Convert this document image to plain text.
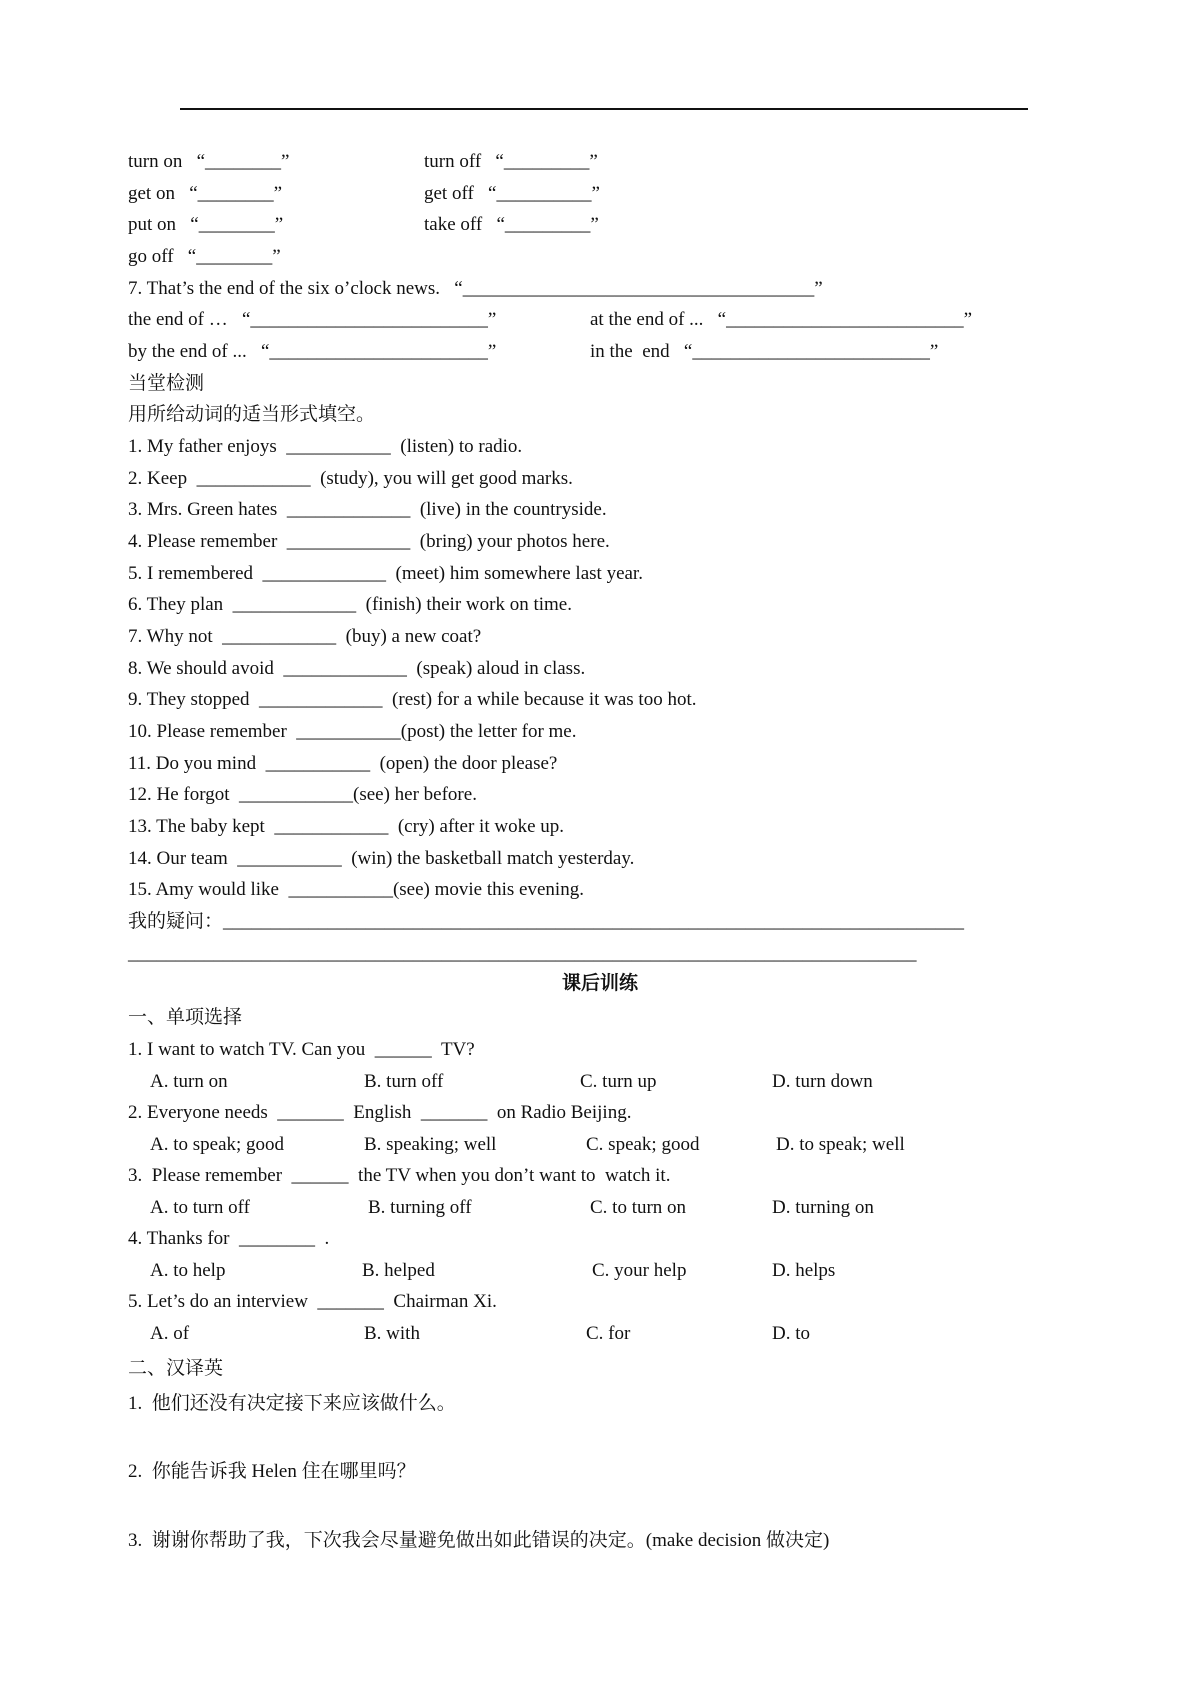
turn on   “________”	turn off   “_________”
get on   “________”	get off   “__________”
put on   “________”	take off   “_________”
go off   “________”
7. That’s the end of the six o’clock news.   “_____________________________________”
the end of …   “_________________________”	at the end of ...   “_________________________”
by the end of ...   “_______________________”	in the  end   “_________________________”
当堂检测
用所给动词的适当形式填空。
1. My father enjoys  ___________  (listen) to radio.
2. Keep  ____________  (study), you will get good marks.
3. Mrs. Green hates  _____________  (live) in the countryside.
4. Please remember  _____________  (bring) your photos here.
5. I remembered  _____________  (meet) him somewhere last year.
6. They plan  _____________  (finish) their work on time.
7. Why not  ____________  (buy) a new coat?
8. We should avoid  _____________  (speak) aloud in class.
9. They stopped  _____________  (rest) for a while because it was too hot.
10. Please remember  ___________(post) the letter for me.
11. Do you mind  ___________  (open) the door please?
12. He forgot  ____________(see) her before.
13. The baby kept  ____________  (cry) after it woke up.
14. Our team  ___________  (win) the basketball match yesterday.
15. Amy would like  ___________(see) movie this evening.
我的疑问：______________________________________________________________________________
___________________________________________________________________________________
课后训练
一、单项选择
1. I want to watch TV. Can you  ______  TV?
A. turn on	B. turn off	C. turn up	D. turn down
2. Everyone needs  _______  English  _______  on Radio Beijing.
A. to speak; good	B. speaking; well	C. speak; good	D. to speak; well
3.  Please remember  ______  the TV when you don’t want to  watch it.
A. to turn off	B. turning off	C. to turn on	D. turning on
4. Thanks for  ________  .
A. to help	B. helped	C. your help	D. helps
5. Let’s do an interview  _______  Chairman Xi.
A. of	B. with	C. for	D. to
二、汉译英
1.  他们还没有决定接下来应该做什么。
2.  你能告诉我 Helen 住在哪里吗？
3.  谢谢你帮助了我，下次我会尽量避免做出如此错误的决定。(make decision 做决定)
